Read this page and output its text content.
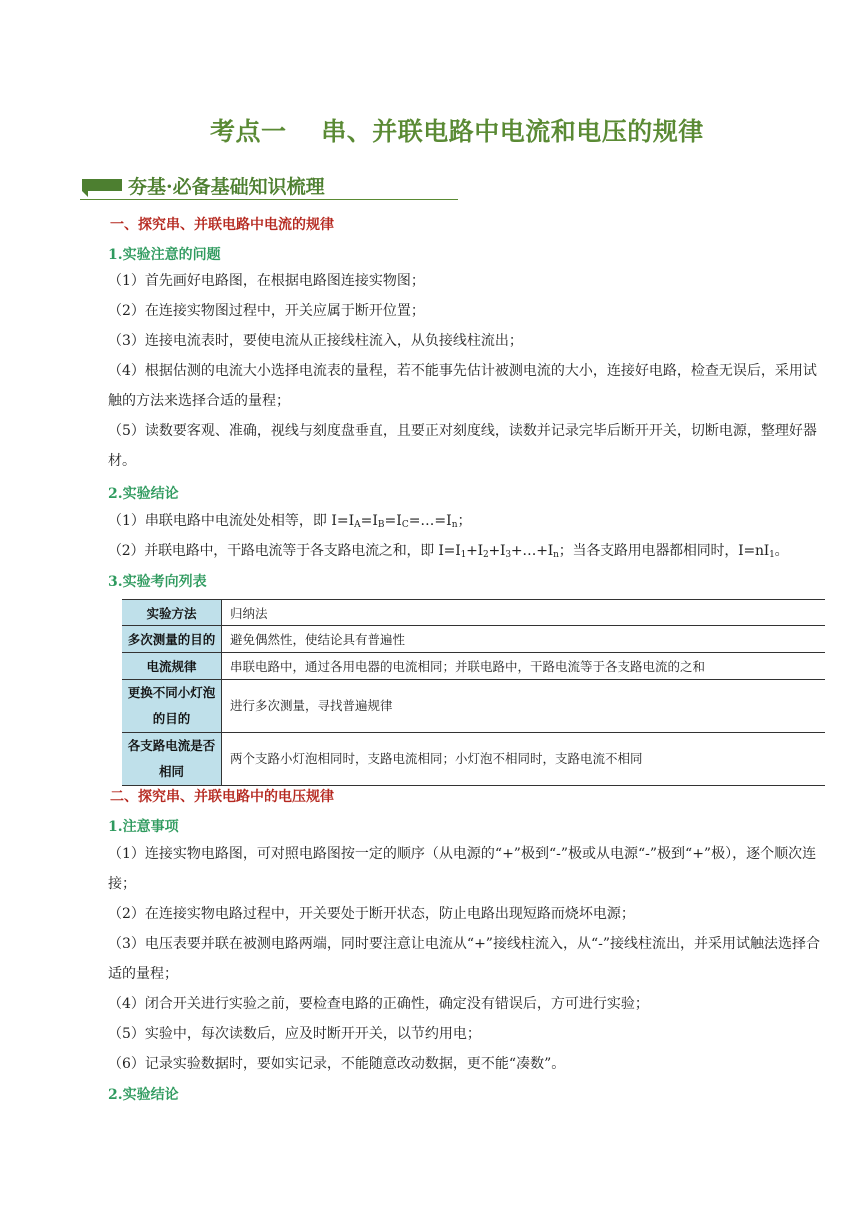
考点一　 串、并联电路中电流和电压的规律
夯基·必备基础知识梳理
一、探究串、并联电路中电流的规律
1.实验注意的问题
（1）首先画好电路图，在根据电路图连接实物图；
（2）在连接实物图过程中，开关应属于断开位置；
（3）连接电流表时，要使电流从正接线柱流入，从负接线柱流出；
（4）根据估测的电流大小选择电流表的量程，若不能事先估计被测电流的大小，连接好电路，检查无误后，采用试触的方法来选择合适的量程；
（5）读数要客观、准确，视线与刻度盘垂直，且要正对刻度线，读数并记录完毕后断开开关，切断电源，整理好器材。
2.实验结论
（1）串联电路中电流处处相等，即 $I=I_A=I_B=I_C=\dots=I_n$；
（2）并联电路中，干路电流等于各支路电流之和，即 $I=I_1+I_2+I_3+\dots+I_n$；当各支路用电器都相同时，$I=nI_1$。
3.实验考向列表
实验方法	归纳法
多次测量的目的	避免偶然性，使结论具有普遍性
电流规律	串联电路中，通过各用电器的电流相同；并联电路中，干路电流等于各支路电流的之和
更换不同小灯泡的目的	进行多次测量，寻找普遍规律
各支路电流是否相同	两个支路小灯泡相同时，支路电流相同；小灯泡不相同时，支路电流不相同
二、探究串、并联电路中的电压规律
1.注意事项
（1）连接实物电路图，可对照电路图按一定的顺序（从电源的“+”极到“-”极或从电源“-”极到“+”极），逐个顺次连接；
（2）在连接实物电路过程中，开关要处于断开状态，防止电路出现短路而烧坏电源；
（3）电压表要并联在被测电路两端，同时要注意让电流从“+”接线柱流入，从“-”接线柱流出，并采用试触法选择合适的量程；
（4）闭合开关进行实验之前，要检查电路的正确性，确定没有错误后，方可进行实验；
（5）实验中，每次读数后，应及时断开开关，以节约用电；
（6）记录实验数据时，要如实记录，不能随意改动数据，更不能“凑数”。
2.实验结论
